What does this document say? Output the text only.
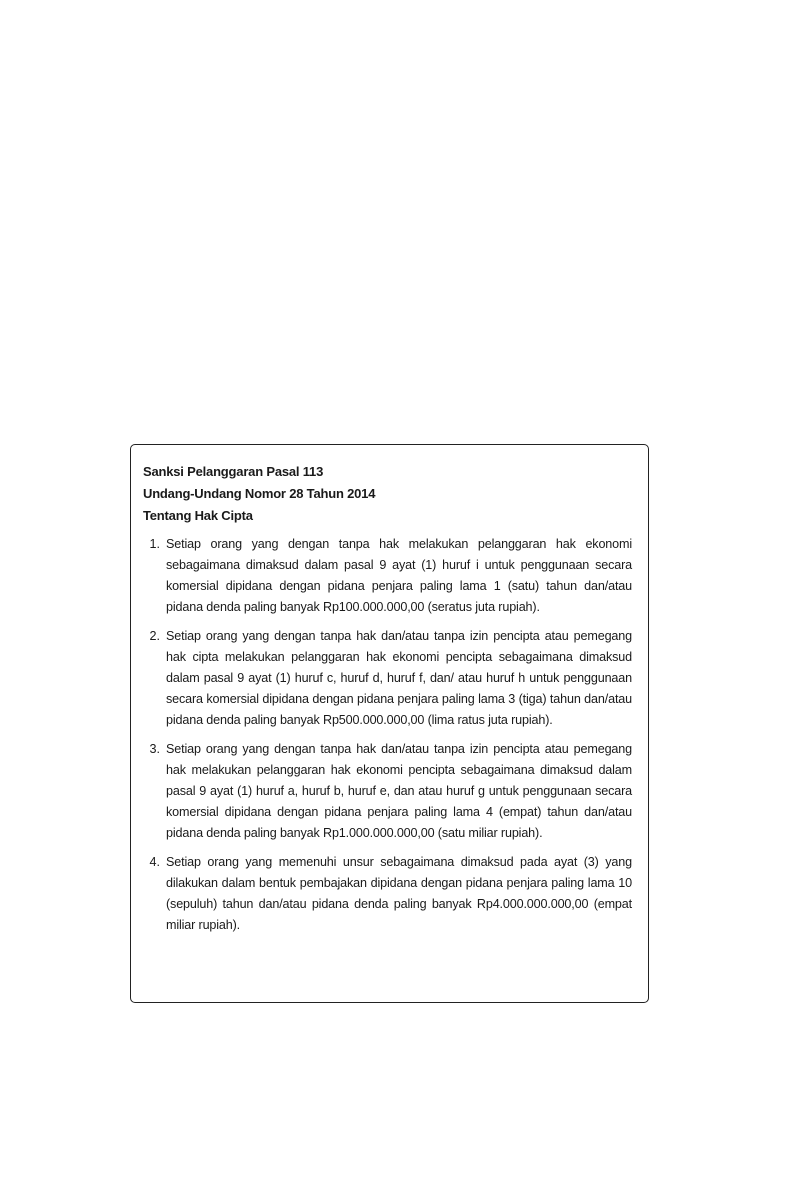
Sanksi Pelanggaran Pasal 113

Undang-Undang Nomor 28 Tahun 2014

Tentang Hak Cipta

1. Setiap orang yang dengan tanpa hak melakukan pelanggaran hak ekonomi sebagaimana dimaksud dalam pasal 9 ayat (1) huruf i untuk penggunaan secara komersial dipidana dengan pidana penjara paling lama 1 (satu) tahun dan/atau pidana denda paling banyak Rp100.000.000,00 (seratus juta rupiah).
2. Setiap orang yang dengan tanpa hak dan/atau tanpa izin pencipta atau pemegang hak cipta melakukan pelanggaran hak ekonomi pencipta sebagaimana dimaksud dalam pasal 9 ayat (1) huruf c, huruf d, huruf f, dan/ atau huruf h untuk penggunaan secara komersial dipidana dengan pidana penjara paling lama 3 (tiga) tahun dan/atau pidana denda paling banyak Rp500.000.000,00 (lima ratus juta rupiah).
3. Setiap orang yang dengan tanpa hak dan/atau tanpa izin pencipta atau pemegang hak melakukan pelanggaran hak ekonomi pencipta sebagaimana dimaksud dalam pasal 9 ayat (1) huruf a, huruf b, huruf e, dan atau huruf g untuk penggunaan secara komersial dipidana dengan pidana penjara paling lama 4 (empat) tahun dan/atau pidana denda paling banyak Rp1.000.000.000,00 (satu miliar rupiah).
4. Setiap orang yang memenuhi unsur sebagaimana dimaksud pada ayat (3) yang dilakukan dalam bentuk pembajakan dipidana dengan pidana penjara paling lama 10 (sepuluh) tahun dan/atau pidana denda paling banyak Rp4.000.000.000,00 (empat miliar rupiah).
